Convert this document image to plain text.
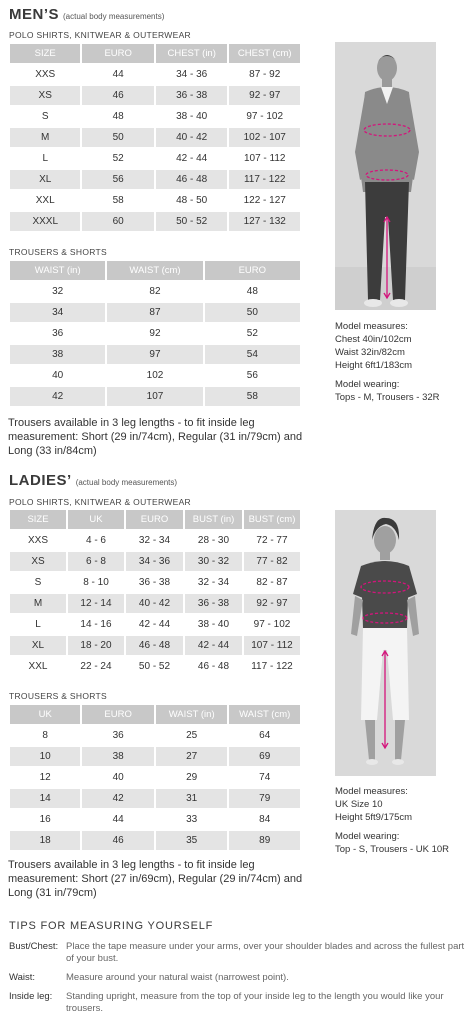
MEN’S (actual body measurements)
POLO SHIRTS, KNITWEAR & OUTERWEAR
SIZE	EURO	CHEST (in)	CHEST (cm)
XXS	44	34 - 36	87 - 92
XS	46	36 - 38	92 - 97
S	48	38 - 40	97 - 102
M	50	40 - 42	102 - 107
L	52	42 - 44	107 - 112
XL	56	46 - 48	117 - 122
XXL	58	48 - 50	122 - 127
XXXL	60	50 - 52	127 - 132
TROUSERS & SHORTS
WAIST (in)	WAIST (cm)	EURO
32	82	48
34	87	50
36	92	52
38	97	54
40	102	56
42	107	58
Trousers available in 3 leg lengths - to fit inside leg measurement: Short (29 in/74cm), Regular (31 in/79cm) and Long (33 in/84cm)
Model measures:
Chest 40in/102cm
Waist 32in/82cm
Height 6ft1/183cm
Model wearing:
Tops - M, Trousers - 32R
LADIES’ (actual body measurements)
POLO SHIRTS, KNITWEAR & OUTERWEAR
SIZE	UK	EURO	BUST (in)	BUST (cm)
XXS	4 - 6	32 - 34	28 - 30	72 - 77
XS	6 - 8	34 - 36	30 - 32	77 - 82
S	8 - 10	36 - 38	32 - 34	82 - 87
M	12 - 14	40 - 42	36 - 38	92 - 97
L	14 - 16	42 - 44	38 - 40	97 - 102
XL	18 - 20	46 - 48	42 - 44	107 - 112
XXL	22 - 24	50 - 52	46 - 48	117 - 122
TROUSERS & SHORTS
UK	EURO	WAIST (in)	WAIST (cm)
8	36	25	64
10	38	27	69
12	40	29	74
14	42	31	79
16	44	33	84
18	46	35	89
Trousers available in 3 leg lengths - to fit inside leg measurement: Short (27 in/69cm), Regular (29 in/74cm) and Long (31 in/79cm)
Model measures:
UK Size 10
Height 5ft9/175cm
Model wearing:
Top - S, Trousers - UK 10R
TIPS FOR MEASURING YOURSELF
Bust/Chest: Place the tape measure under your arms, over your shoulder blades and across the fullest part of your bust.
Waist:	Measure around your natural waist (narrowest point).
Inside leg: Standing upright, measure from the top of your inside leg to the length you would like your trousers.
